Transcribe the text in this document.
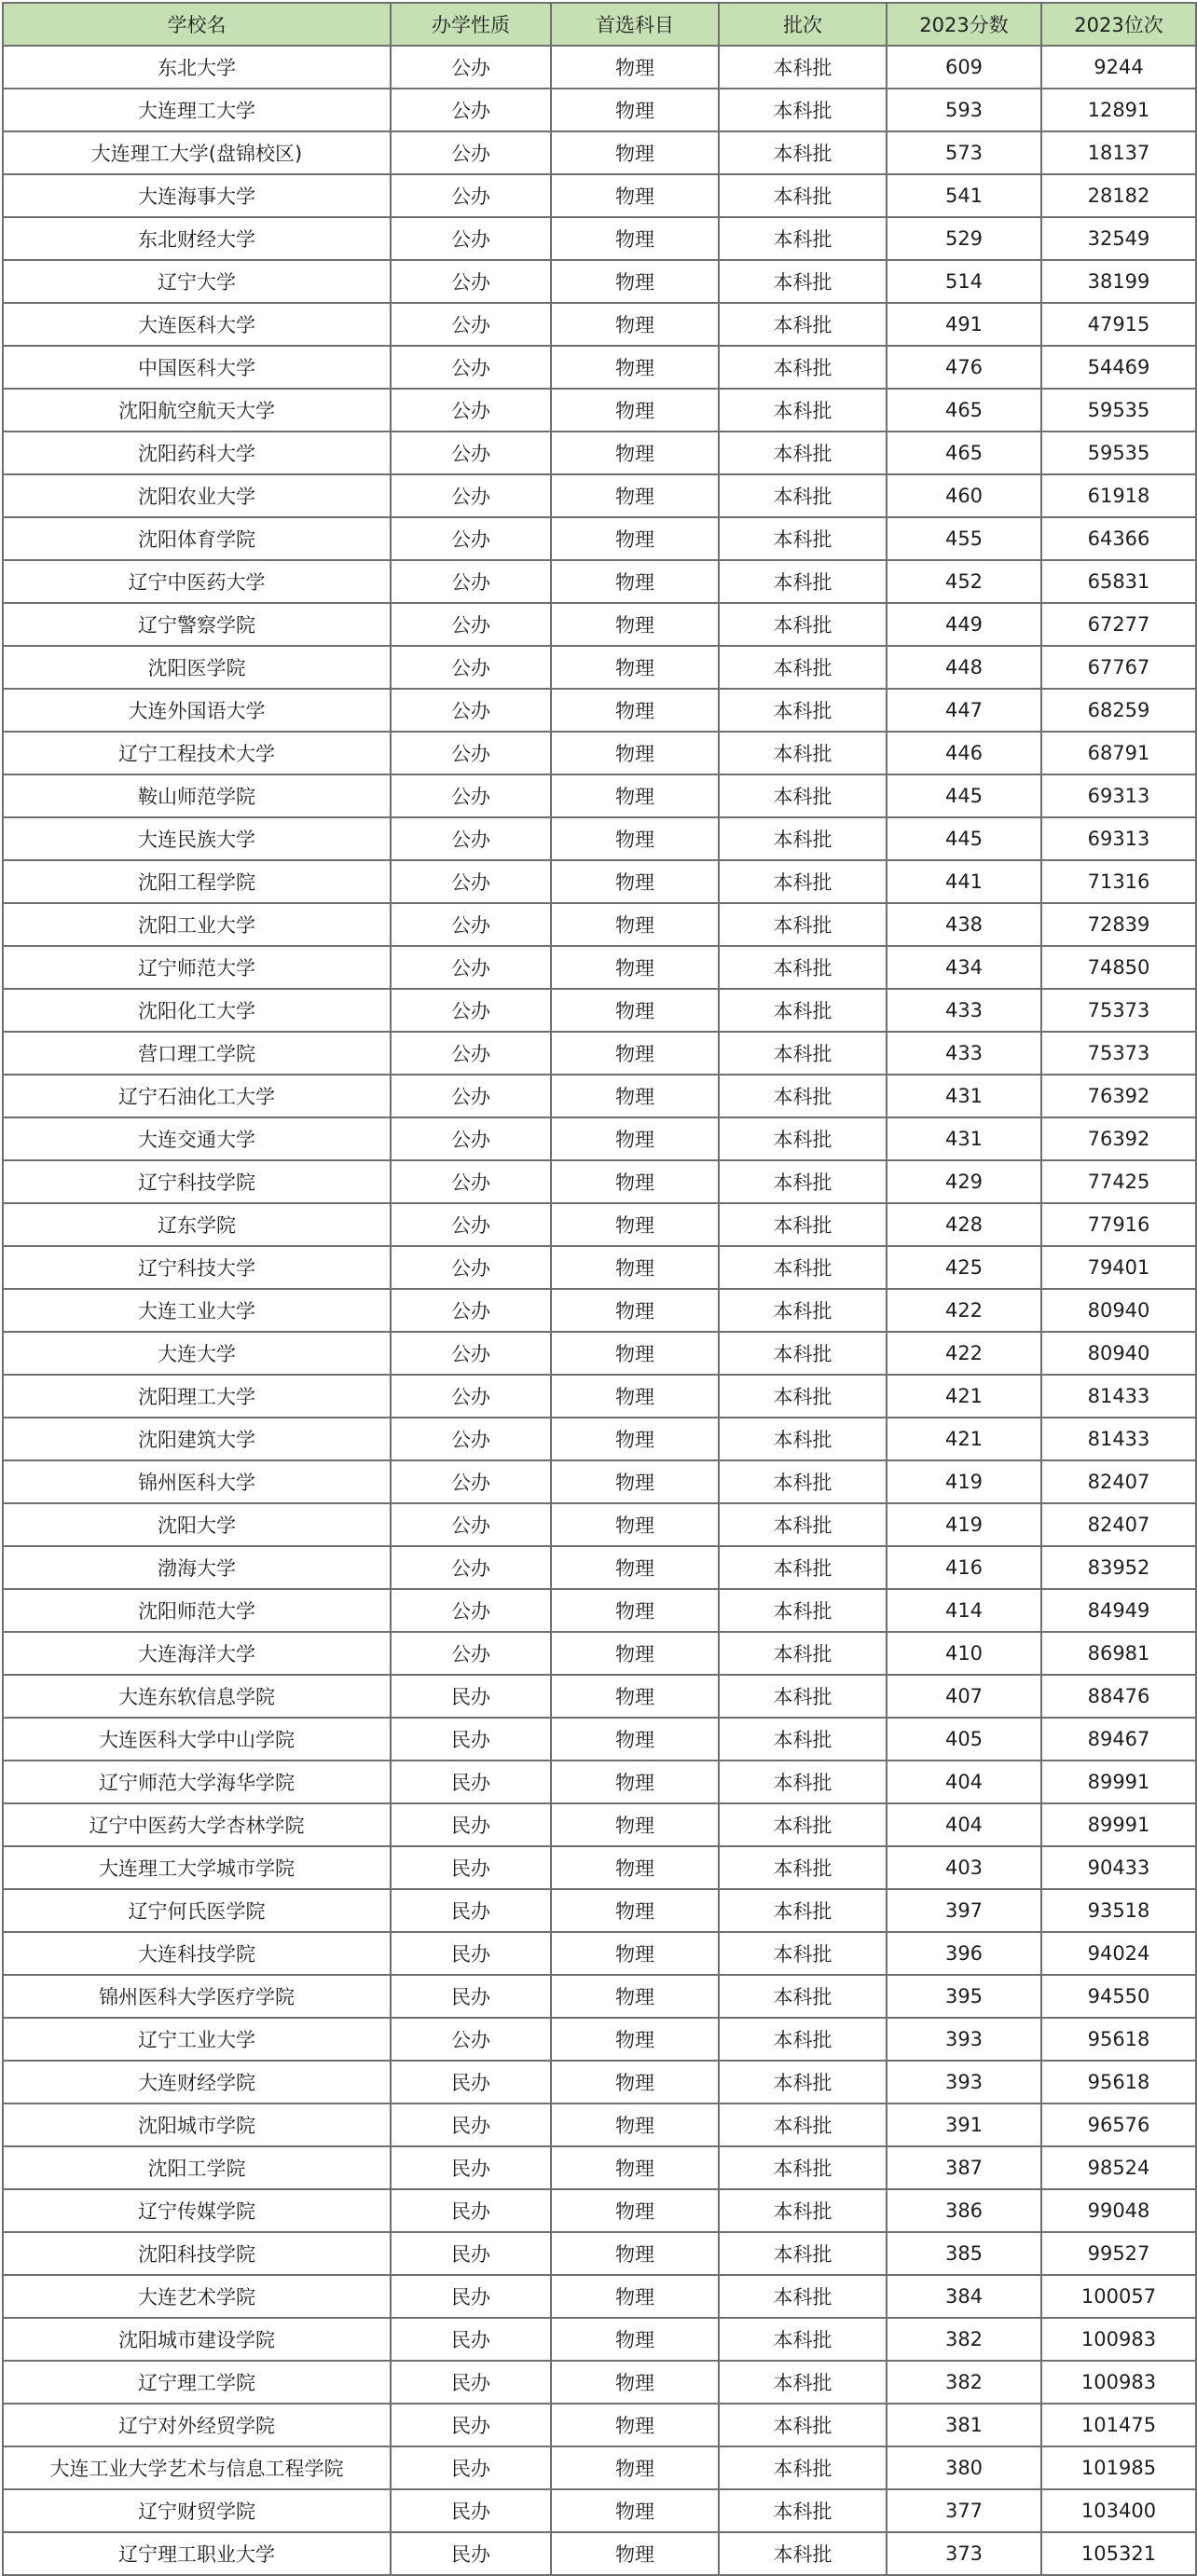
学校名	办学性质	首选科目	批次	2023分数	2023位次
东北大学	公办	物理	本科批	609	9244
大连理工大学	公办	物理	本科批	593	12891
大连理工大学(盘锦校区)	公办	物理	本科批	573	18137
大连海事大学	公办	物理	本科批	541	28182
东北财经大学	公办	物理	本科批	529	32549
辽宁大学	公办	物理	本科批	514	38199
大连医科大学	公办	物理	本科批	491	47915
中国医科大学	公办	物理	本科批	476	54469
沈阳航空航天大学	公办	物理	本科批	465	59535
沈阳药科大学	公办	物理	本科批	465	59535
沈阳农业大学	公办	物理	本科批	460	61918
沈阳体育学院	公办	物理	本科批	455	64366
辽宁中医药大学	公办	物理	本科批	452	65831
辽宁警察学院	公办	物理	本科批	449	67277
沈阳医学院	公办	物理	本科批	448	67767
大连外国语大学	公办	物理	本科批	447	68259
辽宁工程技术大学	公办	物理	本科批	446	68791
鞍山师范学院	公办	物理	本科批	445	69313
大连民族大学	公办	物理	本科批	445	69313
沈阳工程学院	公办	物理	本科批	441	71316
沈阳工业大学	公办	物理	本科批	438	72839
辽宁师范大学	公办	物理	本科批	434	74850
沈阳化工大学	公办	物理	本科批	433	75373
营口理工学院	公办	物理	本科批	433	75373
辽宁石油化工大学	公办	物理	本科批	431	76392
大连交通大学	公办	物理	本科批	431	76392
辽宁科技学院	公办	物理	本科批	429	77425
辽东学院	公办	物理	本科批	428	77916
辽宁科技大学	公办	物理	本科批	425	79401
大连工业大学	公办	物理	本科批	422	80940
大连大学	公办	物理	本科批	422	80940
沈阳理工大学	公办	物理	本科批	421	81433
沈阳建筑大学	公办	物理	本科批	421	81433
锦州医科大学	公办	物理	本科批	419	82407
沈阳大学	公办	物理	本科批	419	82407
渤海大学	公办	物理	本科批	416	83952
沈阳师范大学	公办	物理	本科批	414	84949
大连海洋大学	公办	物理	本科批	410	86981
大连东软信息学院	民办	物理	本科批	407	88476
大连医科大学中山学院	民办	物理	本科批	405	89467
辽宁师范大学海华学院	民办	物理	本科批	404	89991
辽宁中医药大学杏林学院	民办	物理	本科批	404	89991
大连理工大学城市学院	民办	物理	本科批	403	90433
辽宁何氏医学院	民办	物理	本科批	397	93518
大连科技学院	民办	物理	本科批	396	94024
锦州医科大学医疗学院	民办	物理	本科批	395	94550
辽宁工业大学	公办	物理	本科批	393	95618
大连财经学院	民办	物理	本科批	393	95618
沈阳城市学院	民办	物理	本科批	391	96576
沈阳工学院	民办	物理	本科批	387	98524
辽宁传媒学院	民办	物理	本科批	386	99048
沈阳科技学院	民办	物理	本科批	385	99527
大连艺术学院	民办	物理	本科批	384	100057
沈阳城市建设学院	民办	物理	本科批	382	100983
辽宁理工学院	民办	物理	本科批	382	100983
辽宁对外经贸学院	民办	物理	本科批	381	101475
大连工业大学艺术与信息工程学院	民办	物理	本科批	380	101985
辽宁财贸学院	民办	物理	本科批	377	103400
辽宁理工职业大学	民办	物理	本科批	373	105321
